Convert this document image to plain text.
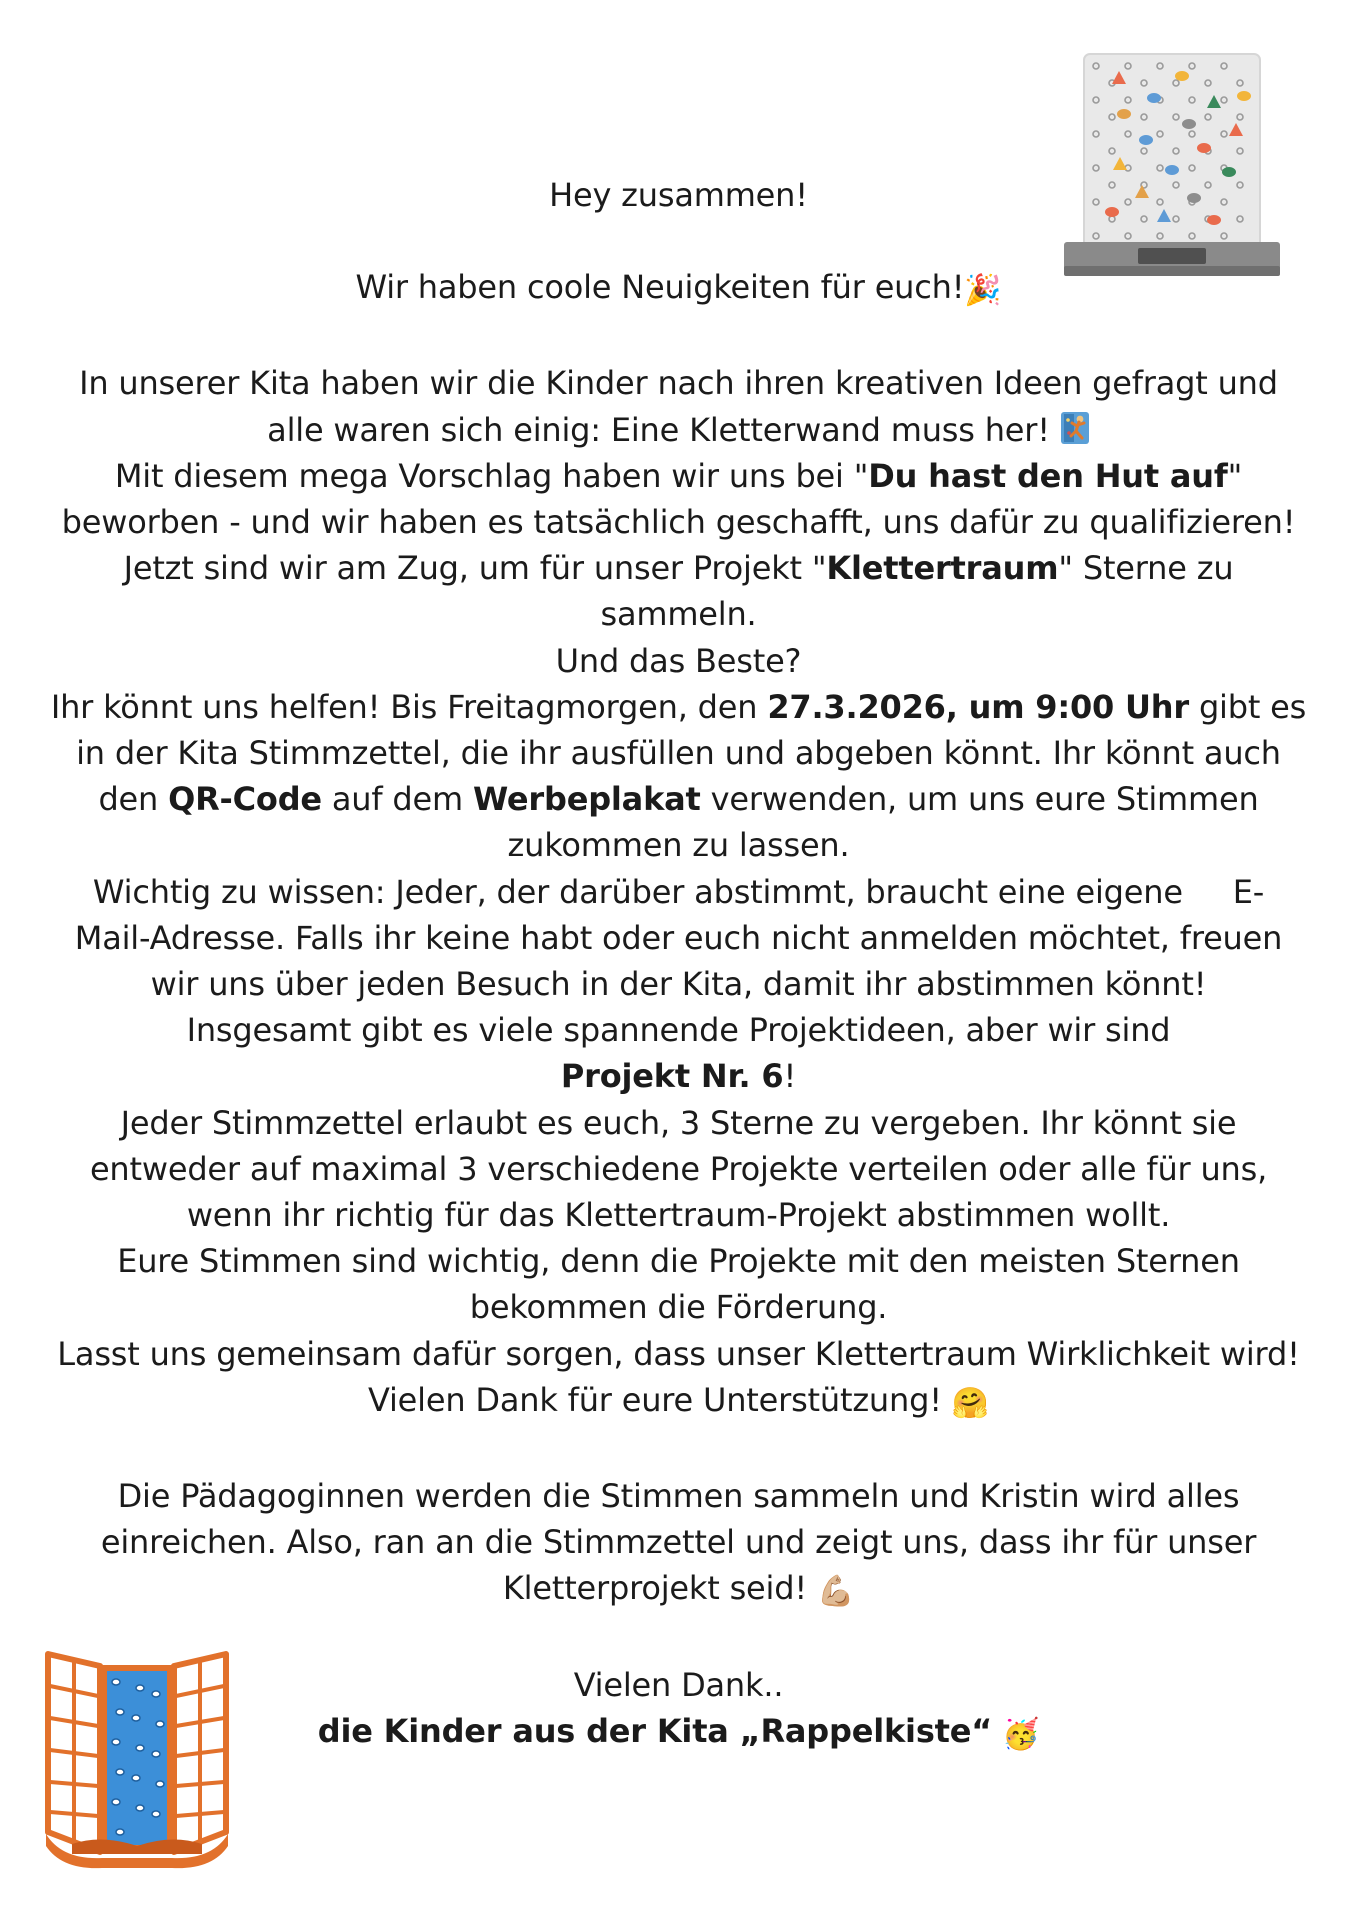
Hey zusammen!

Wir haben coole Neuigkeiten für euch!🎉

In unserer Kita haben wir die Kinder nach ihren kreativen Ideen gefragt und

alle waren sich einig: Eine Kletterwand muss her!

Mit diesem mega Vorschlag haben wir uns bei "Du hast den Hut auf"

beworben - und wir haben es tatsächlich geschafft, uns dafür zu qualifizieren!

Jetzt sind wir am Zug, um für unser Projekt "Klettertraum" Sterne zu

sammeln.

Und das Beste?

Ihr könnt uns helfen! Bis Freitagmorgen, den 27.3.2026, um 9:00 Uhr gibt es

in der Kita Stimmzettel, die ihr ausfüllen und abgeben könnt. Ihr könnt auch

den QR-Code auf dem Werbeplakat verwenden, um uns eure Stimmen

zukommen zu lassen.

Wichtig zu wissen: Jeder, der darüber abstimmt, braucht eine eigene     E-

Mail-Adresse. Falls ihr keine habt oder euch nicht anmelden möchtet, freuen

wir uns über jeden Besuch in der Kita, damit ihr abstimmen könnt!

Insgesamt gibt es viele spannende Projektideen, aber wir sind

Projekt Nr. 6!

Jeder Stimmzettel erlaubt es euch, 3 Sterne zu vergeben. Ihr könnt sie

entweder auf maximal 3 verschiedene Projekte verteilen oder alle für uns,

wenn ihr richtig für das Klettertraum-Projekt abstimmen wollt.

Eure Stimmen sind wichtig, denn die Projekte mit den meisten Sternen

bekommen die Förderung.

Lasst uns gemeinsam dafür sorgen, dass unser Klettertraum Wirklichkeit wird!

Vielen Dank für eure Unterstützung! 🤗

Die Pädagoginnen werden die Stimmen sammeln und Kristin wird alles

einreichen. Also, ran an die Stimmzettel und zeigt uns, dass ihr für unser

Kletterprojekt seid! 💪🏼

Vielen Dank..

die Kinder aus der Kita „Rappelkiste“ 🥳
